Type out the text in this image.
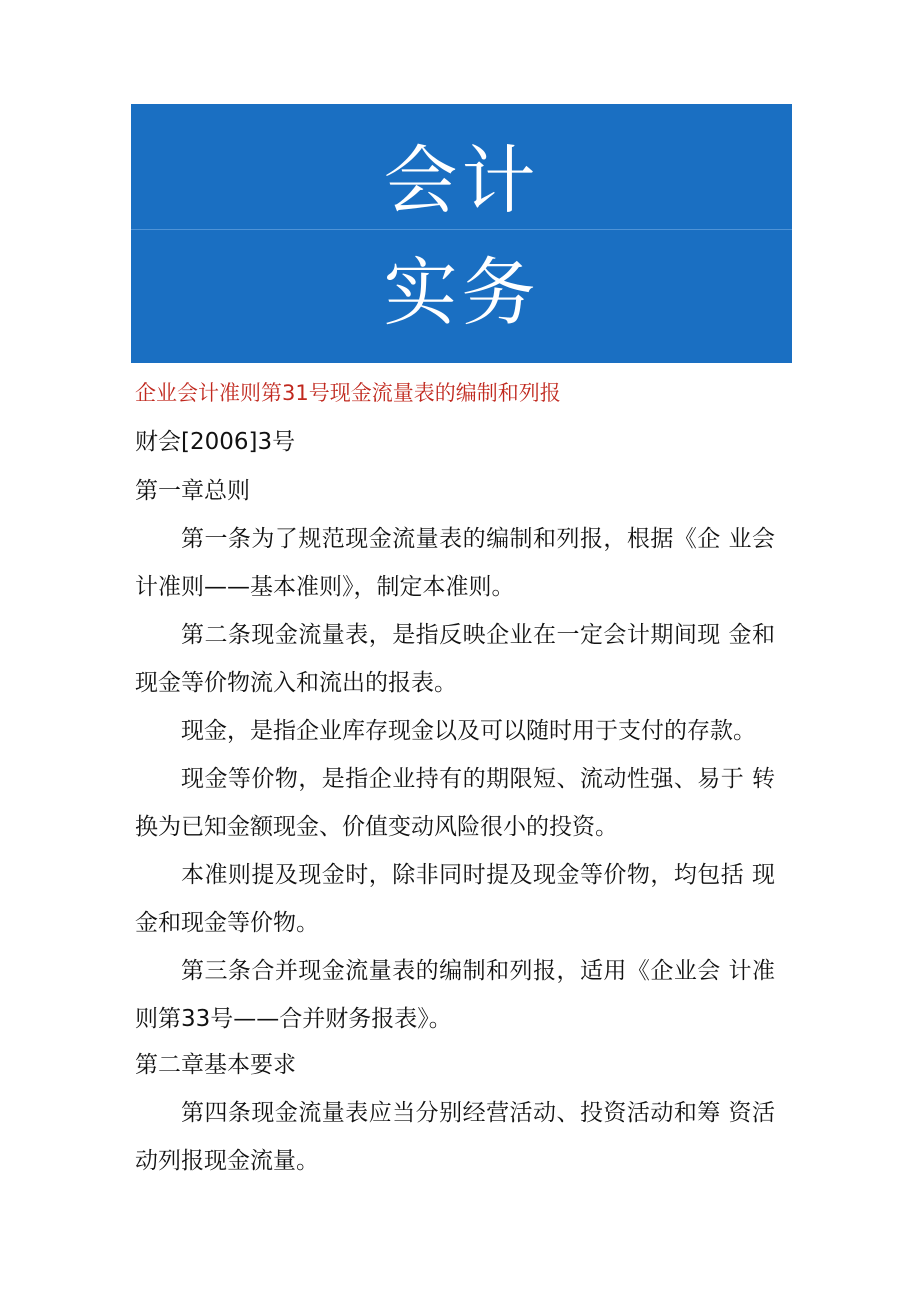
会计
实务
企业会计准则第31号现金流量表的编制和列报
财会[2006]3号
第一章总则
第一条为了规范现金流量表的编制和列报，根据《企 业会计准则——基本准则》，制定本准则。
第二条现金流量表，是指反映企业在一定会计期间现 金和现金等价物流入和流出的报表。
现金，是指企业库存现金以及可以随时用于支付的存款。
现金等价物，是指企业持有的期限短、流动性强、易于 转换为已知金额现金、价值变动风险很小的投资。
本准则提及现金时，除非同时提及现金等价物，均包括 现金和现金等价物。
第三条合并现金流量表的编制和列报，适用《企业会 计准则第33号——合并财务报表》。
第二章基本要求
第四条现金流量表应当分别经营活动、投资活动和筹 资活动列报现金流量。
